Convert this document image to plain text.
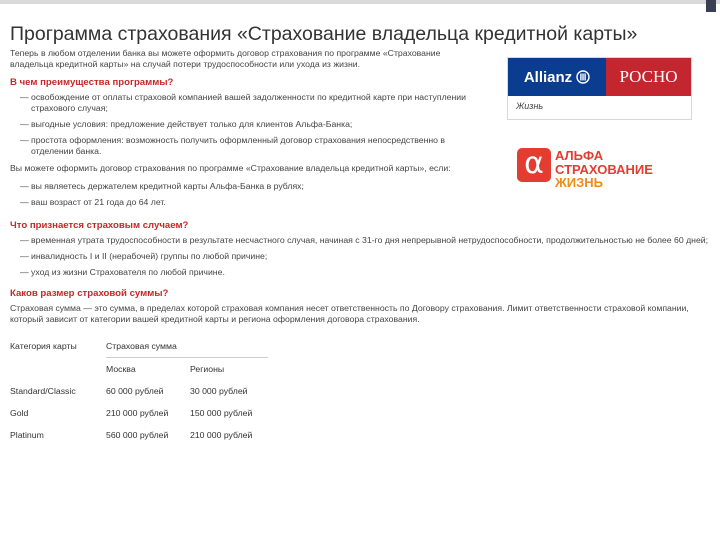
Программа страхования «Страхование владельца кредитной карты»
Allianz	РОСНО
Жизнь
α АЛЬФА
СТРАХОВАНИЕ
ЖИЗНЬ

Теперь в любом отделении банка вы можете оформить договор страхования по программе «Страхование владельца кредитной карты» на случай потери трудоспособности или ухода из жизни.

В чем преимущества программы?
— освобождение от оплаты страховой компанией вашей задолженности по кредитной карте при наступлении страхового случая;
— выгодные условия: предложение действует только для клиентов Альфа-Банка;
— простота оформления: возможность получить оформленный договор страхования непосредственно в отделении банка.

Вы можете оформить договор страхования по программе «Страхование владельца кредитной карты», если:

— вы являетесь держателем кредитной карты Альфа-Банка в рублях;
— ваш возраст от 21 года до 64 лет.
Что признается страховым случаем?
— временная утрата трудоспособности в результате несчастного случая, начиная с 31-го дня непрерывной нетрудоспособности, продолжительностью не более 60 дней;
— инвалидность I и II (нерабочей) группы по любой причине;
— уход из жизни Страхователя по любой причине.
Каков размер страховой суммы?

Страховая сумма — это сумма, в пределах которой страховая компания несет ответственность по Договору страхования. Лимит ответственности страховой компании, который зависит от категории вашей кредитной карты и региона оформления договора страхования.

Категория карты	Страховая сумма	
	Москва	Регионы
Standard/Classic	60 000 рублей	30 000 рублей
Gold	210 000 рублей	150 000 рублей
Platinum	560 000 рублей	210 000 рублей
